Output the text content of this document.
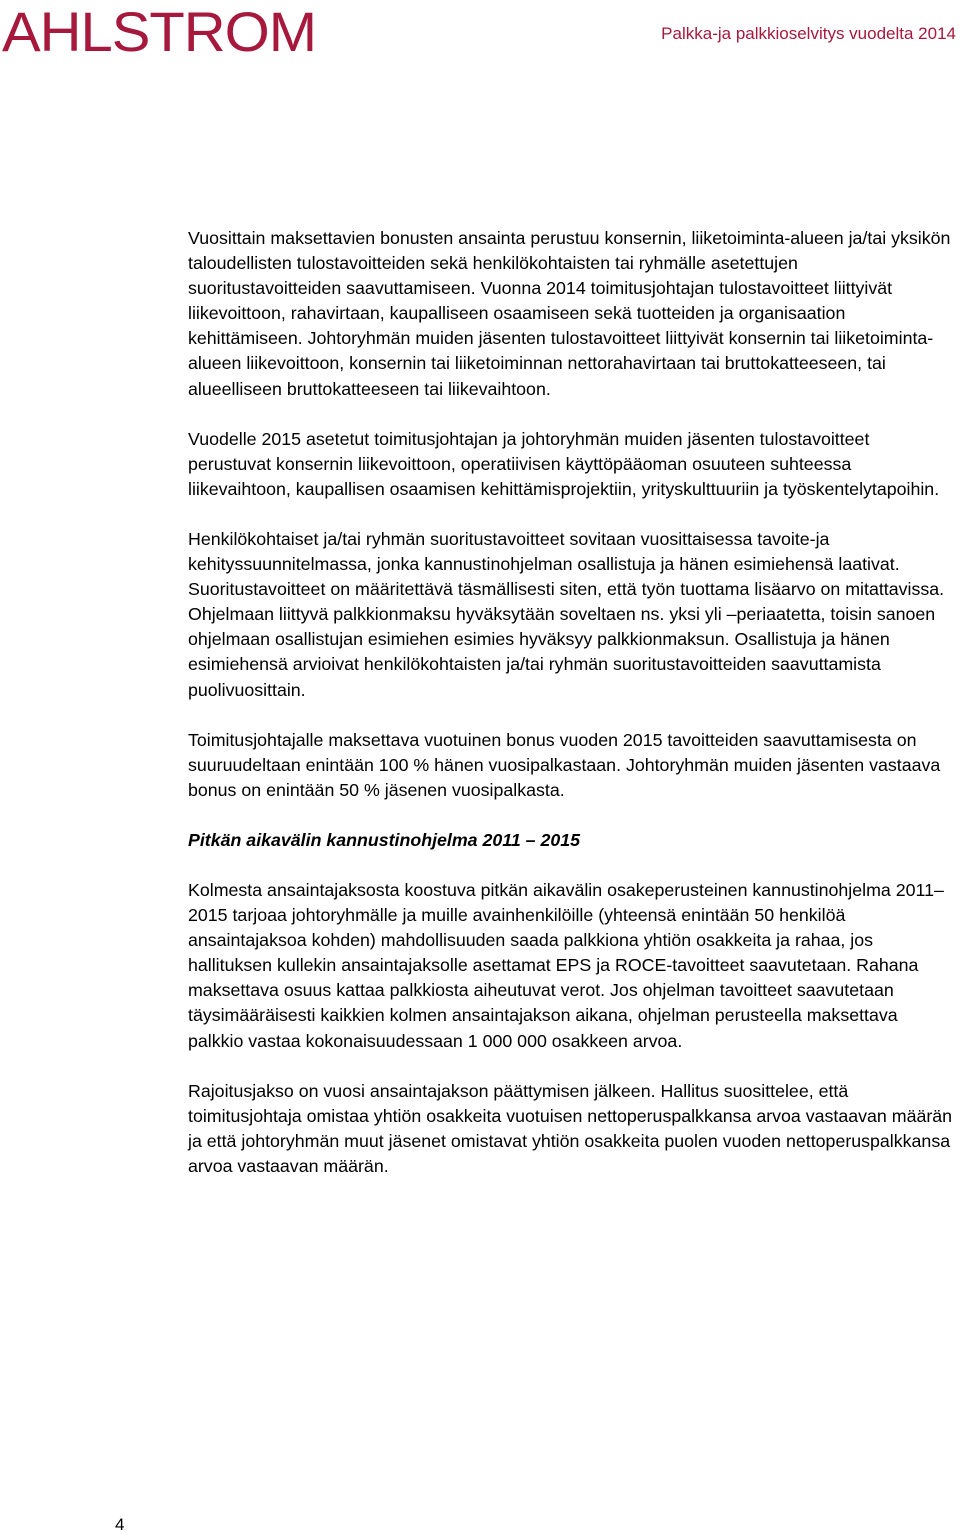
AHLSTROM	Palkka-ja palkkioselvitys vuodelta 2014

Vuosittain maksettavien bonusten ansainta perustuu konsernin, liiketoiminta-alueen ja/tai yksikön taloudellisten tulostavoitteiden sekä henkilökohtaisten tai ryhmälle asetettujen suoritustavoitteiden saavuttamiseen. Vuonna 2014 toimitusjohtajan tulostavoitteet liittyivät liikevoittoon, rahavirtaan, kaupalliseen osaamiseen sekä tuotteiden ja organisaation kehittämiseen. Johtoryhmän muiden jäsenten tulostavoitteet liittyivät konsernin tai liiketoiminta-alueen liikevoittoon, konsernin tai liiketoiminnan nettorahavirtaan tai bruttokatteeseen, tai alueelliseen bruttokatteeseen tai liikevaihtoon.

Vuodelle 2015 asetetut toimitusjohtajan ja johtoryhmän muiden jäsenten tulostavoitteet perustuvat konsernin liikevoittoon, operatiivisen käyttöpääoman osuuteen suhteessa liikevaihtoon, kaupallisen osaamisen kehittämisprojektiin, yrityskulttuuriin ja työskentelytapoihin.

Henkilökohtaiset ja/tai ryhmän suoritustavoitteet sovitaan vuosittaisessa tavoite-ja kehityssuunnitelmassa, jonka kannustinohjelman osallistuja ja hänen esimiehensä laativat. Suoritustavoitteet on määritettävä täsmällisesti siten, että työn tuottama lisäarvo on mitattavissa. Ohjelmaan liittyvä palkkionmaksu hyväksytään soveltaen ns. yksi yli –periaatetta, toisin sanoen ohjelmaan osallistujan esimiehen esimies hyväksyy palkkionmaksun. Osallistuja ja hänen esimiehensä arvioivat henkilökohtaisten ja/tai ryhmän suoritustavoitteiden saavuttamista puolivuosittain.

Toimitusjohtajalle maksettava vuotuinen bonus vuoden 2015 tavoitteiden saavuttamisesta on suuruudeltaan enintään 100 % hänen vuosipalkastaan. Johtoryhmän muiden jäsenten vastaava bonus on enintään 50 % jäsenen vuosipalkasta.

Pitkän aikavälin kannustinohjelma 2011 – 2015

Kolmesta ansaintajaksosta koostuva pitkän aikavälin osakeperusteinen kannustinohjelma 2011–2015 tarjoaa johtoryhmälle ja muille avainhenkilöille (yhteensä enintään 50 henkilöä ansaintajaksoa kohden) mahdollisuuden saada palkkiona yhtiön osakkeita ja rahaa, jos hallituksen kullekin ansaintajaksolle asettamat EPS ja ROCE-tavoitteet saavutetaan. Rahana maksettava osuus kattaa palkkiosta aiheutuvat verot. Jos ohjelman tavoitteet saavutetaan täysimääräisesti kaikkien kolmen ansaintajakson aikana, ohjelman perusteella maksettava palkkio vastaa kokonaisuudessaan 1 000 000 osakkeen arvoa.

Rajoitusjakso on vuosi ansaintajakson päättymisen jälkeen. Hallitus suosittelee, että toimitusjohtaja omistaa yhtiön osakkeita vuotuisen nettoperuspalkkansa arvoa vastaavan määrän ja että johtoryhmän muut jäsenet omistavat yhtiön osakkeita puolen vuoden nettoperuspalkkansa arvoa vastaavan määrän.

4
